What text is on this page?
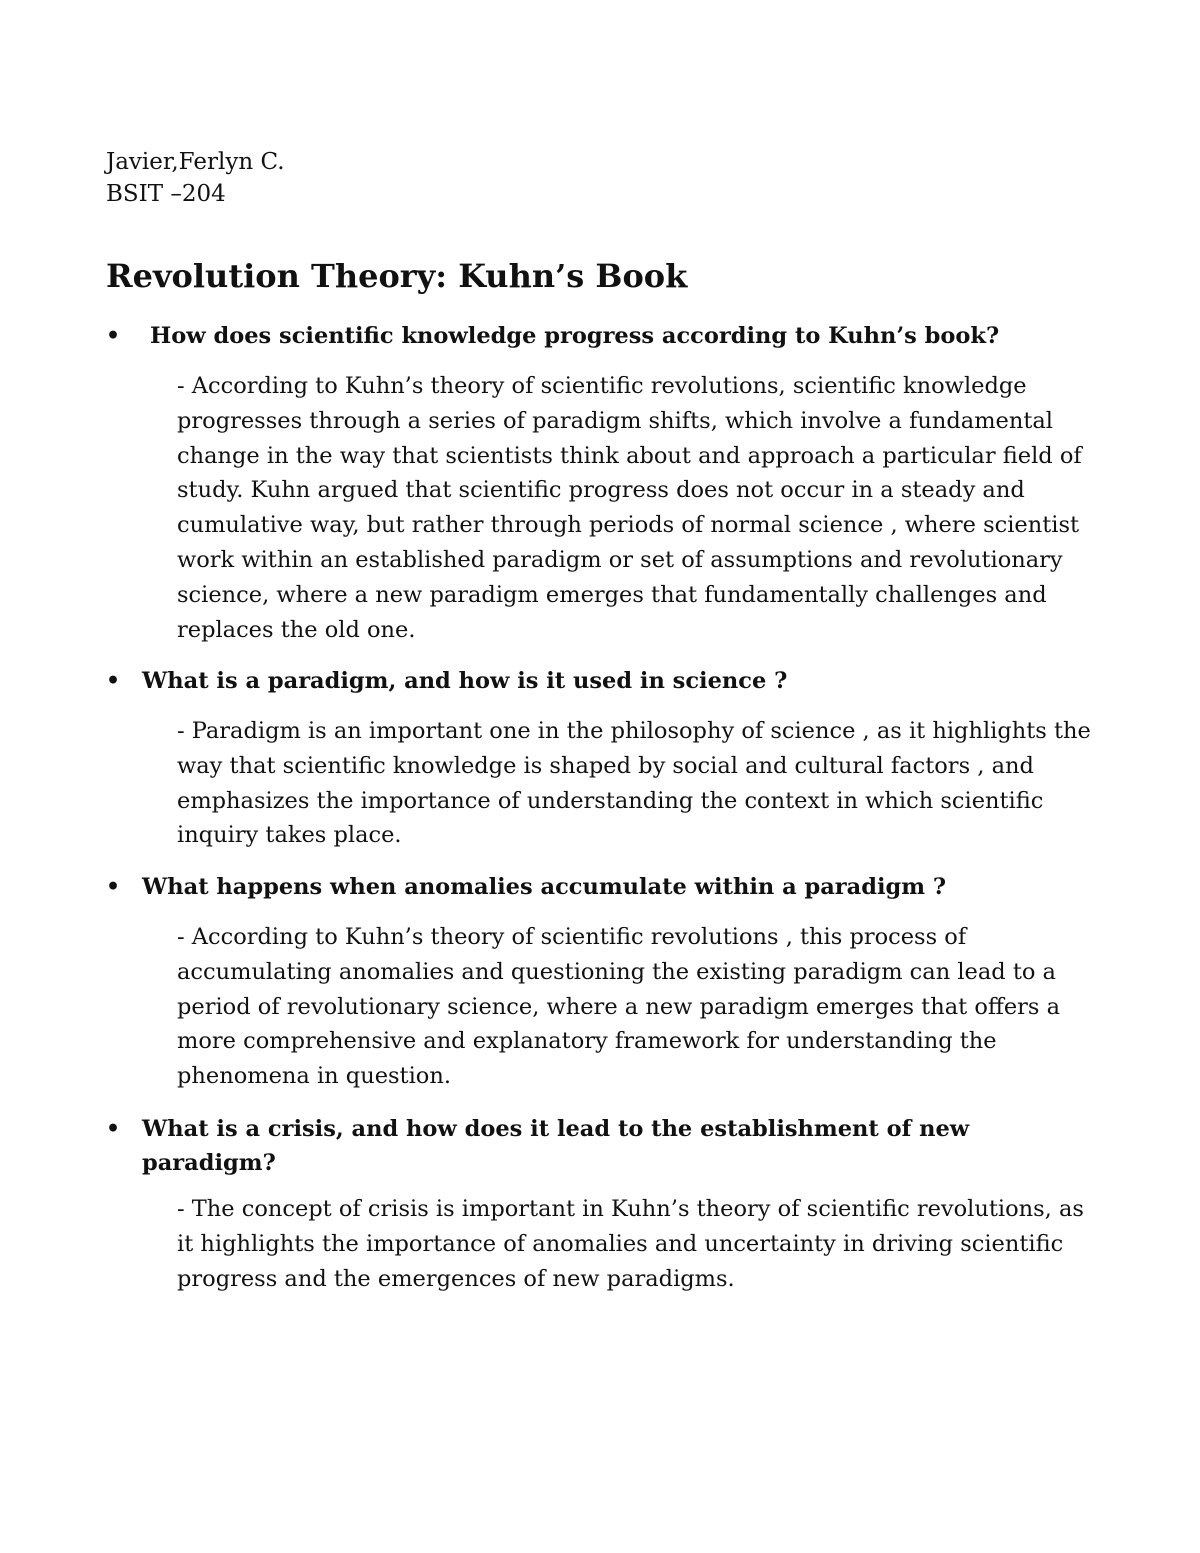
Javier,Ferlyn C.
BSIT –204
Revolution Theory: Kuhn’s Book
• How does scientific knowledge progress according to Kuhn’s book?
- According to Kuhn’s theory of scientific revolutions, scientific knowledge progresses through a series of paradigm shifts, which involve a fundamental change in the way that scientists think about and approach a particular field of study. Kuhn argued that scientific progress does not occur in a steady and cumulative way, but rather through periods of normal science , where scientist work within an established paradigm or set of assumptions and revolutionary science, where a new paradigm emerges that fundamentally challenges and replaces the old one.
• What is a paradigm, and how is it used in science ?
- Paradigm is an important one in the philosophy of science , as it highlights the way that scientific knowledge is shaped by social and cultural factors , and emphasizes the importance of understanding the context in which scientific inquiry takes place.
• What happens when anomalies accumulate within a paradigm ?
- According to Kuhn’s theory of scientific revolutions , this process of accumulating anomalies and questioning the existing paradigm can lead to a period of revolutionary science, where a new paradigm emerges that offers a more comprehensive and explanatory framework for understanding the phenomena in question.
• What is a crisis, and how does it lead to the establishment of new paradigm?
- The concept of crisis is important in Kuhn’s theory of scientific revolutions, as it highlights the importance of anomalies and uncertainty in driving scientific progress and the emergences of new paradigms.
